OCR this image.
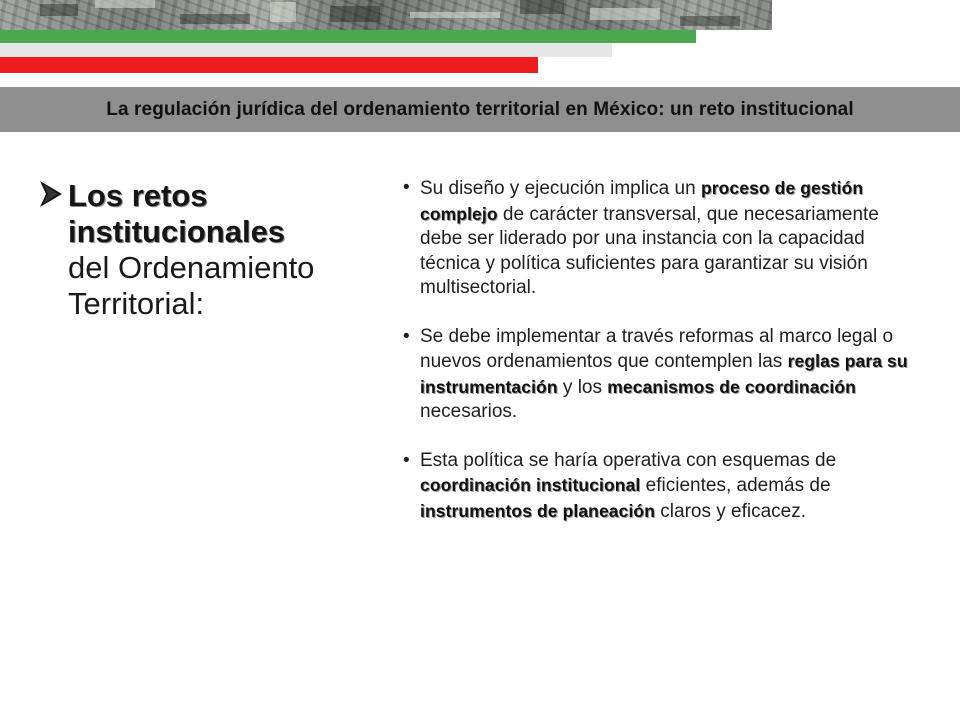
La regulación jurídica del ordenamiento territorial en México: un reto institucional
Los retos
institucionales
del Ordenamiento
Territorial:
• Su diseño y ejecución implica un proceso de gestión complejo de carácter transversal, que necesariamente debe ser liderado por una instancia con la capacidad técnica y política suficientes para garantizar su visión multisectorial.
• Se debe implementar a través reformas al marco legal o nuevos ordenamientos que contemplen las reglas para su instrumentación y los mecanismos de coordinación necesarios.
• Esta política se haría operativa con esquemas de coordinación institucional eficientes, además de instrumentos de planeación claros y eficacez.
